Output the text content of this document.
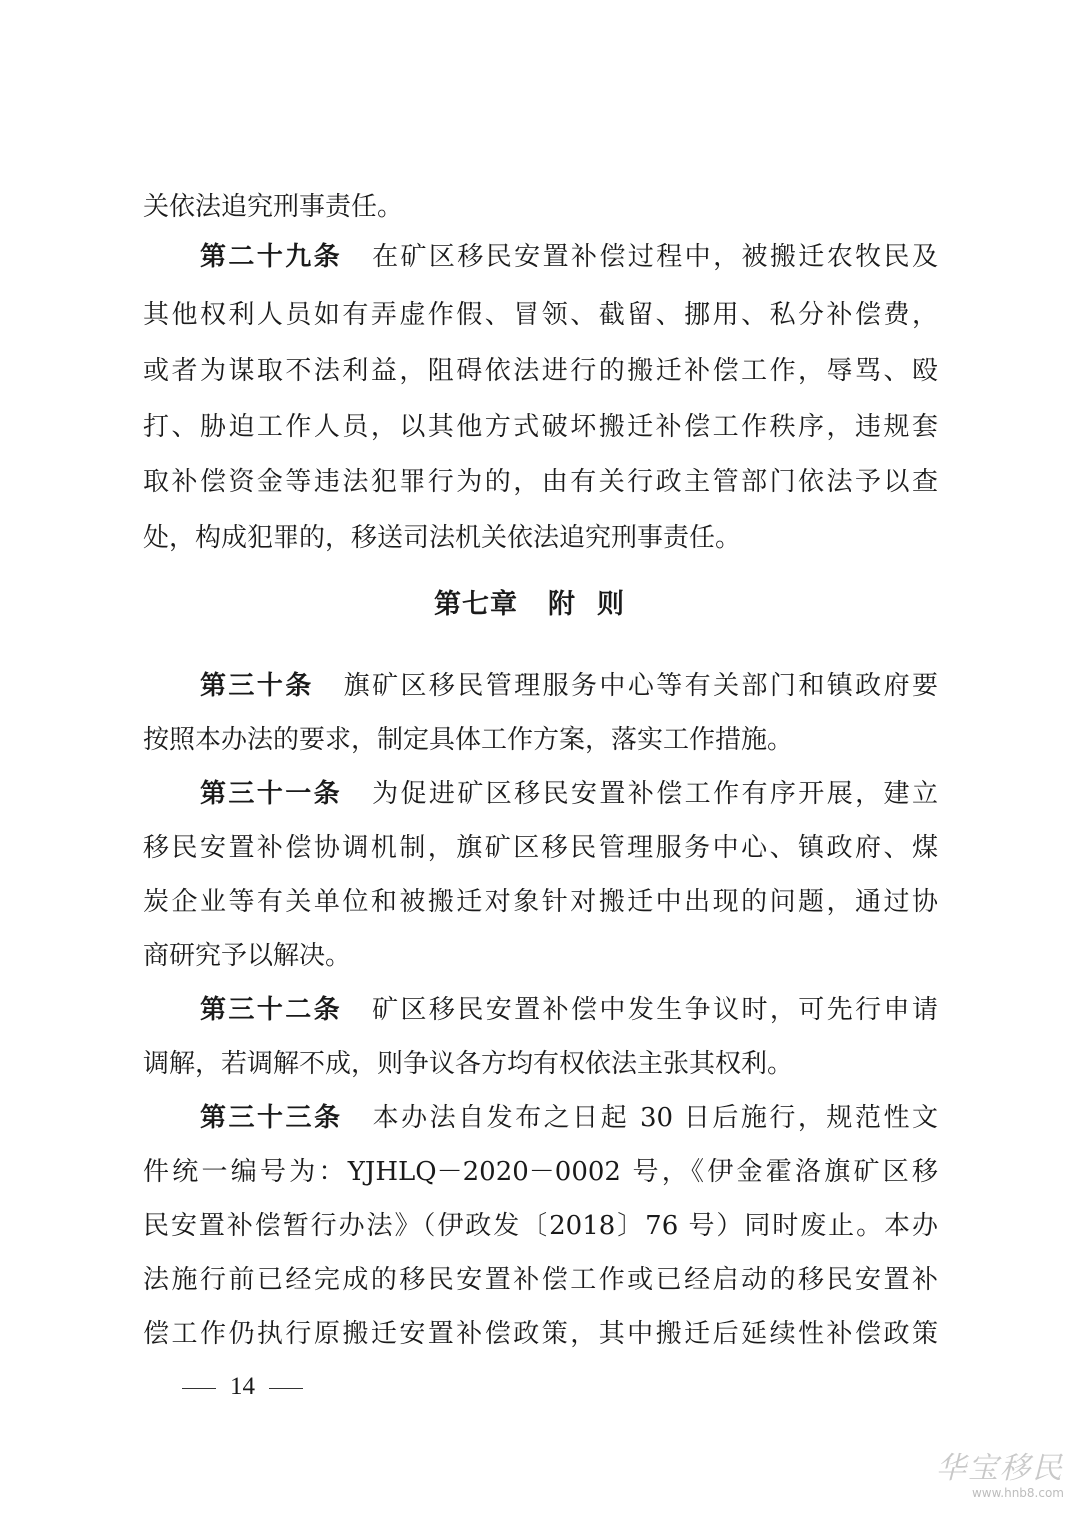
关依法追究刑事责任。
第二十九条 在矿区移民安置补偿过程中，被搬迁农牧民及
其他权利人员如有弄虚作假、冒领、截留、挪用、私分补偿费，
或者为谋取不法利益，阻碍依法进行的搬迁补偿工作，辱骂、殴
打、胁迫工作人员，以其他方式破坏搬迁补偿工作秩序，违规套
取补偿资金等违法犯罪行为的，由有关行政主管部门依法予以查
处，构成犯罪的，移送司法机关依法追究刑事责任。
第七章 附则
第三十条 旗矿区移民管理服务中心等有关部门和镇政府要
按照本办法的要求，制定具体工作方案，落实工作措施。
第三十一条 为促进矿区移民安置补偿工作有序开展，建立
移民安置补偿协调机制，旗矿区移民管理服务中心、镇政府、煤
炭企业等有关单位和被搬迁对象针对搬迁中出现的问题，通过协
商研究予以解决。
第三十二条 矿区移民安置补偿中发生争议时，可先行申请
调解，若调解不成，则争议各方均有权依法主张其权利。
第三十三条 本办法自发布之日起 30 日后施行，规范性文
件统一编号为：YJHLQ－2020－0002 号，《伊金霍洛旗矿区移
民安置补偿暂行办法》（伊政发〔2018〕76 号）同时废止。本办
法施行前已经完成的移民安置补偿工作或已经启动的移民安置补
偿工作仍执行原搬迁安置补偿政策，其中搬迁后延续性补偿政策
14
华宝移民
www.hnb8.com
